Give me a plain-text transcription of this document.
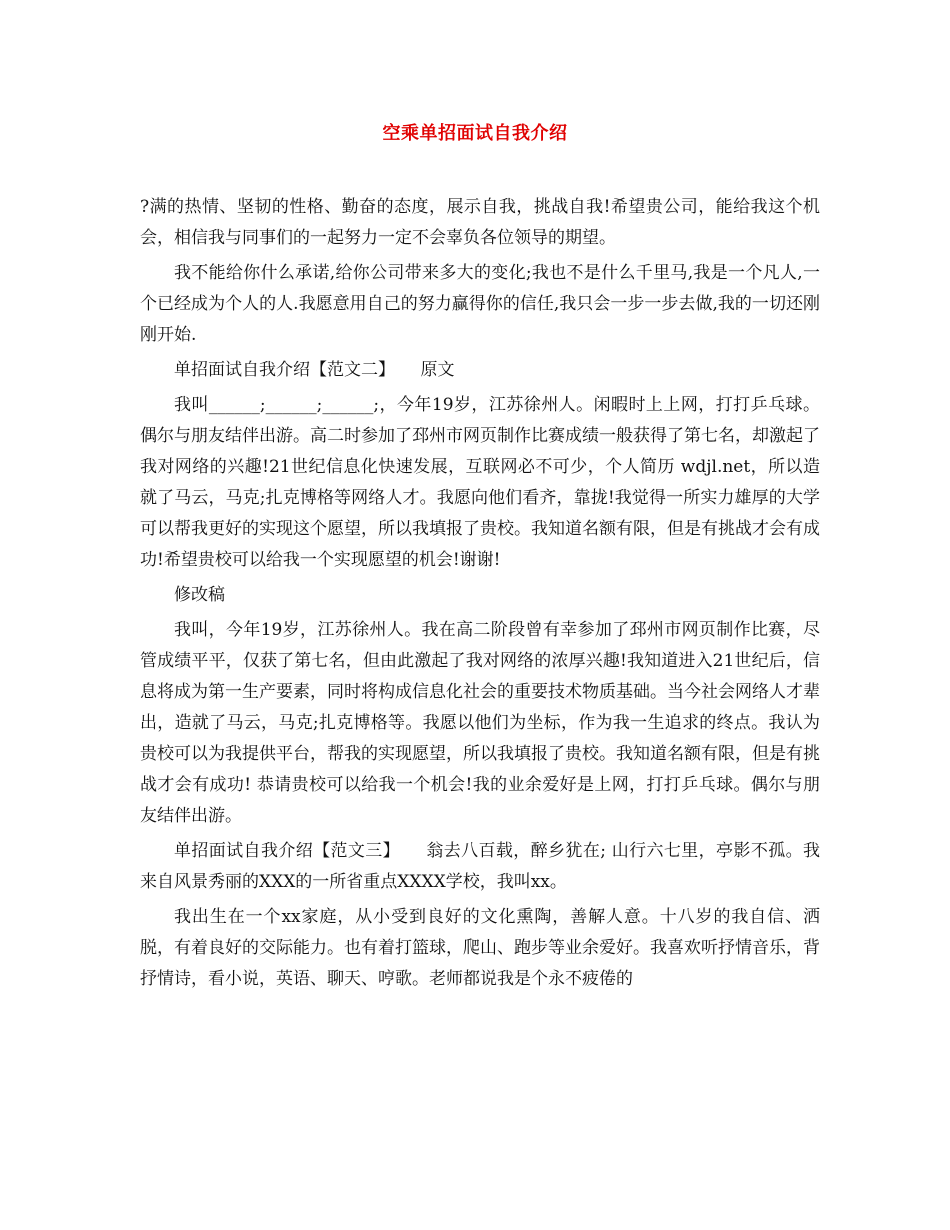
空乘单招面试自我介绍

?满的热情、坚韧的性格、勤奋的态度，展示自我，挑战自我!希望贵公司，能给我这个机会，相信我与同事们的一起努力一定不会辜负各位领导的期望。

我不能给你什么承诺,给你公司带来多大的变化;我也不是什么千里马,我是一个凡人,一个已经成为个人的人.我愿意用自己的努力赢得你的信任,我只会一步一步去做,我的一切还刚刚开始.

单招面试自我介绍【范文二】　　原文

我叫______;______;______;，今年19岁，江苏徐州人。闲暇时上上网，打打乒乓球。偶尔与朋友结伴出游。高二时参加了邳州市网页制作比赛成绩一般获得了第七名，却激起了我对网络的兴趣!21世纪信息化快速发展，互联网必不可少，个人简历 wdjl.net，所以造就了马云，马克;扎克博格等网络人才。我愿向他们看齐，靠拢!我觉得一所实力雄厚的大学可以帮我更好的实现这个愿望，所以我填报了贵校。我知道名额有限，但是有挑战才会有成功!希望贵校可以给我一个实现愿望的机会!谢谢!

修改稿

我叫，今年19岁，江苏徐州人。我在高二阶段曾有幸参加了邳州市网页制作比赛，尽管成绩平平，仅获了第七名，但由此激起了我对网络的浓厚兴趣!我知道进入21世纪后，信息将成为第一生产要素，同时将构成信息化社会的重要技术物质基础。当今社会网络人才辈出，造就了马云，马克;扎克博格等。我愿以他们为坐标，作为我一生追求的终点。我认为贵校可以为我提供平台，帮我的实现愿望，所以我填报了贵校。我知道名额有限，但是有挑战才会有成功! 恭请贵校可以给我一个机会!我的业余爱好是上网，打打乒乓球。偶尔与朋友结伴出游。

单招面试自我介绍【范文三】　　翁去八百载，醉乡犹在; 山行六七里，亭影不孤。我来自风景秀丽的XXX的一所省重点XXXX学校，我叫xx。

我出生在一个xx家庭，从小受到良好的文化熏陶，善解人意。十八岁的我自信、洒脱，有着良好的交际能力。也有着打篮球，爬山、跑步等业余爱好。我喜欢听抒情音乐，背抒情诗，看小说，英语、聊天、哼歌。老师都说我是个永不疲倦的
